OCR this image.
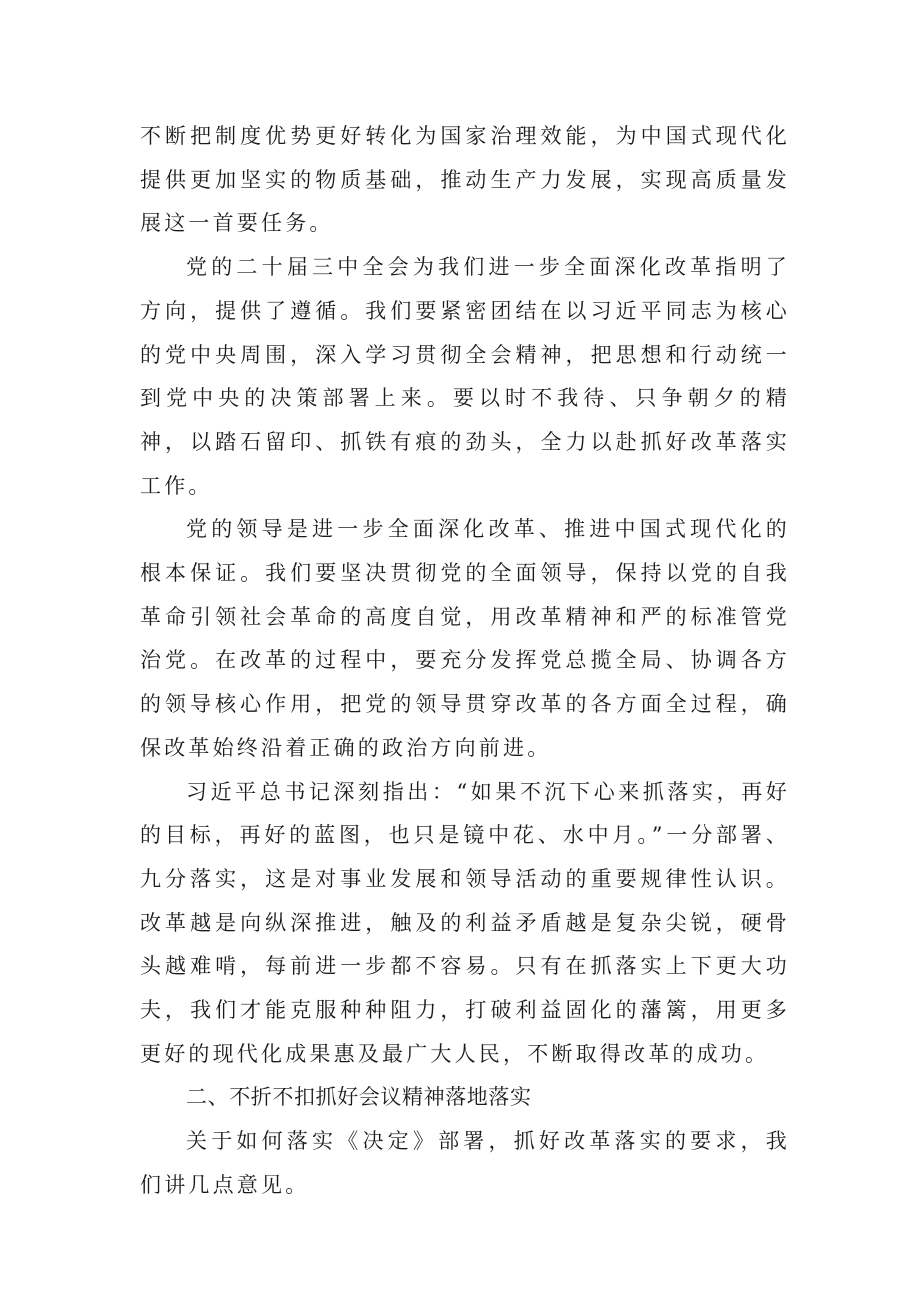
不断把制度优势更好转化为国家治理效能，为中国式现代化提供更加坚实的物质基础，推动生产力发展，实现高质量发展这一首要任务。

党的二十届三中全会为我们进一步全面深化改革指明了方向，提供了遵循。我们要紧密团结在以习近平同志为核心的党中央周围，深入学习贯彻全会精神，把思想和行动统一到党中央的决策部署上来。要以时不我待、只争朝夕的精神，以踏石留印、抓铁有痕的劲头，全力以赴抓好改革落实工作。

党的领导是进一步全面深化改革、推进中国式现代化的根本保证。我们要坚决贯彻党的全面领导，保持以党的自我革命引领社会革命的高度自觉，用改革精神和严的标准管党治党。在改革的过程中，要充分发挥党总揽全局、协调各方的领导核心作用，把党的领导贯穿改革的各方面全过程，确保改革始终沿着正确的政治方向前进。

习近平总书记深刻指出：“如果不沉下心来抓落实，再好的目标，再好的蓝图，也只是镜中花、水中月。”一分部署、九分落实，这是对事业发展和领导活动的重要规律性认识。改革越是向纵深推进，触及的利益矛盾越是复杂尖锐，硬骨头越难啃，每前进一步都不容易。只有在抓落实上下更大功夫，我们才能克服种种阻力，打破利益固化的藩篱，用更多更好的现代化成果惠及最广大人民，不断取得改革的成功。

二、不折不扣抓好会议精神落地落实

关于如何落实《决定》部署，抓好改革落实的要求，我们讲几点意见。
